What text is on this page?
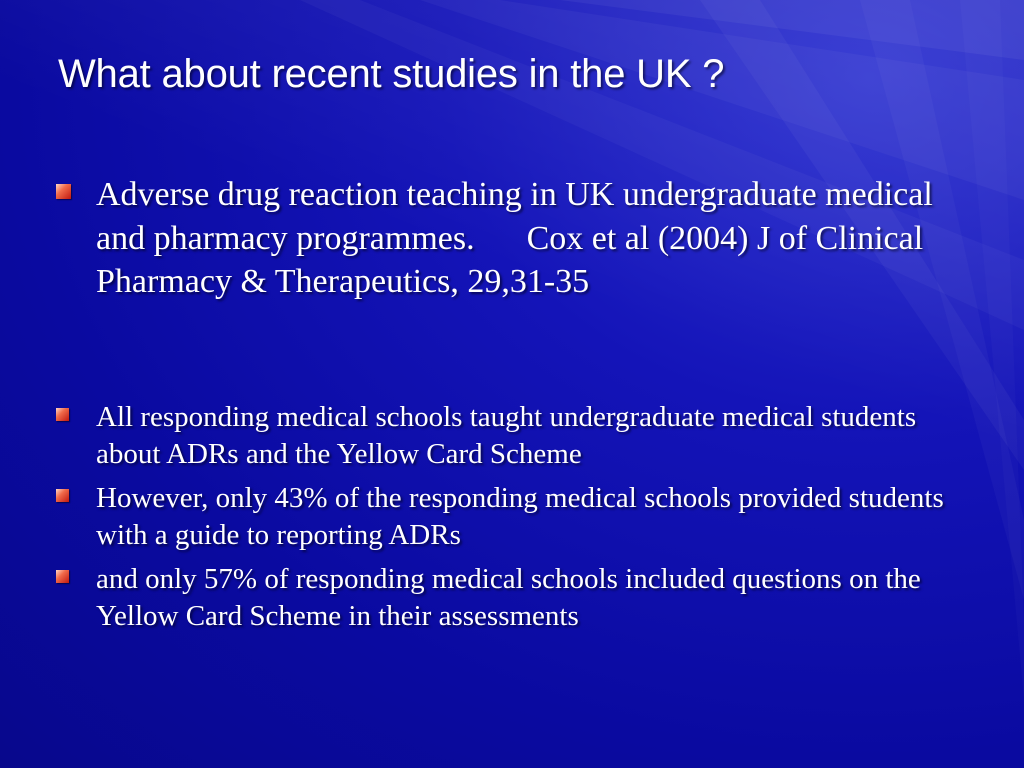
What about recent studies in the UK ?
Adverse drug reaction teaching in UK undergraduate medical and pharmacy programmes. Cox et al (2004) J of Clinical Pharmacy & Therapeutics, 29,31-35
All responding medical schools taught undergraduate medical students about ADRs and the Yellow Card Scheme
However, only 43% of the responding medical schools provided students with a guide to reporting ADRs
and only 57% of responding medical schools included questions on the Yellow Card Scheme in their assessments
